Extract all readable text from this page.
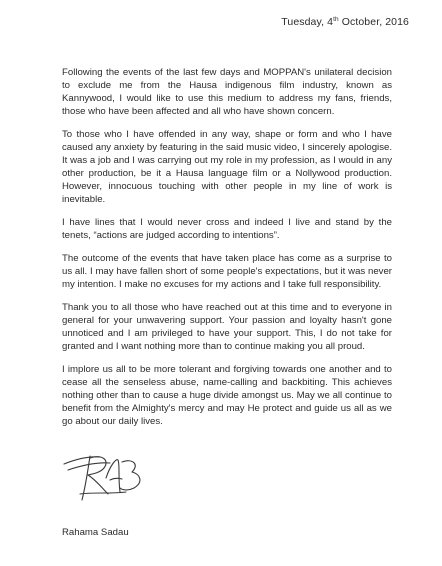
Tuesday, 4th October, 2016

Following the events of the last few days and MOPPAN's unilateral decision to exclude me from the Hausa indigenous film industry, known as Kannywood, I would like to use this medium to address my fans, friends, those who have been affected and all who have shown concern.

To those who I have offended in any way, shape or form and who I have caused any anxiety by featuring in the said music video, I sincerely apologise. It was a job and I was carrying out my role in my profession, as I would in any other production, be it a Hausa language film or a Nollywood production. However, innocuous touching with other people in my line of work is inevitable.

I have lines that I would never cross and indeed I live and stand by the tenets, “actions are judged according to intentions”.

The outcome of the events that have taken place has come as a surprise to us all. I may have fallen short of some people's expectations, but it was never my intention. I make no excuses for my actions and I take full responsibility.

Thank you to all those who have reached out at this time and to everyone in general for your unwavering support. Your passion and loyalty hasn't gone unnoticed and I am privileged to have your support. This, I do not take for granted and I want nothing more than to continue making you all proud.

I implore us all to be more tolerant and forgiving towards one another and to cease all the senseless abuse, name-calling and backbiting. This achieves nothing other than to cause a huge divide amongst us. May we all continue to benefit from the Almighty's mercy and may He protect and guide us all as we go about our daily lives.

Rahama Sadau
